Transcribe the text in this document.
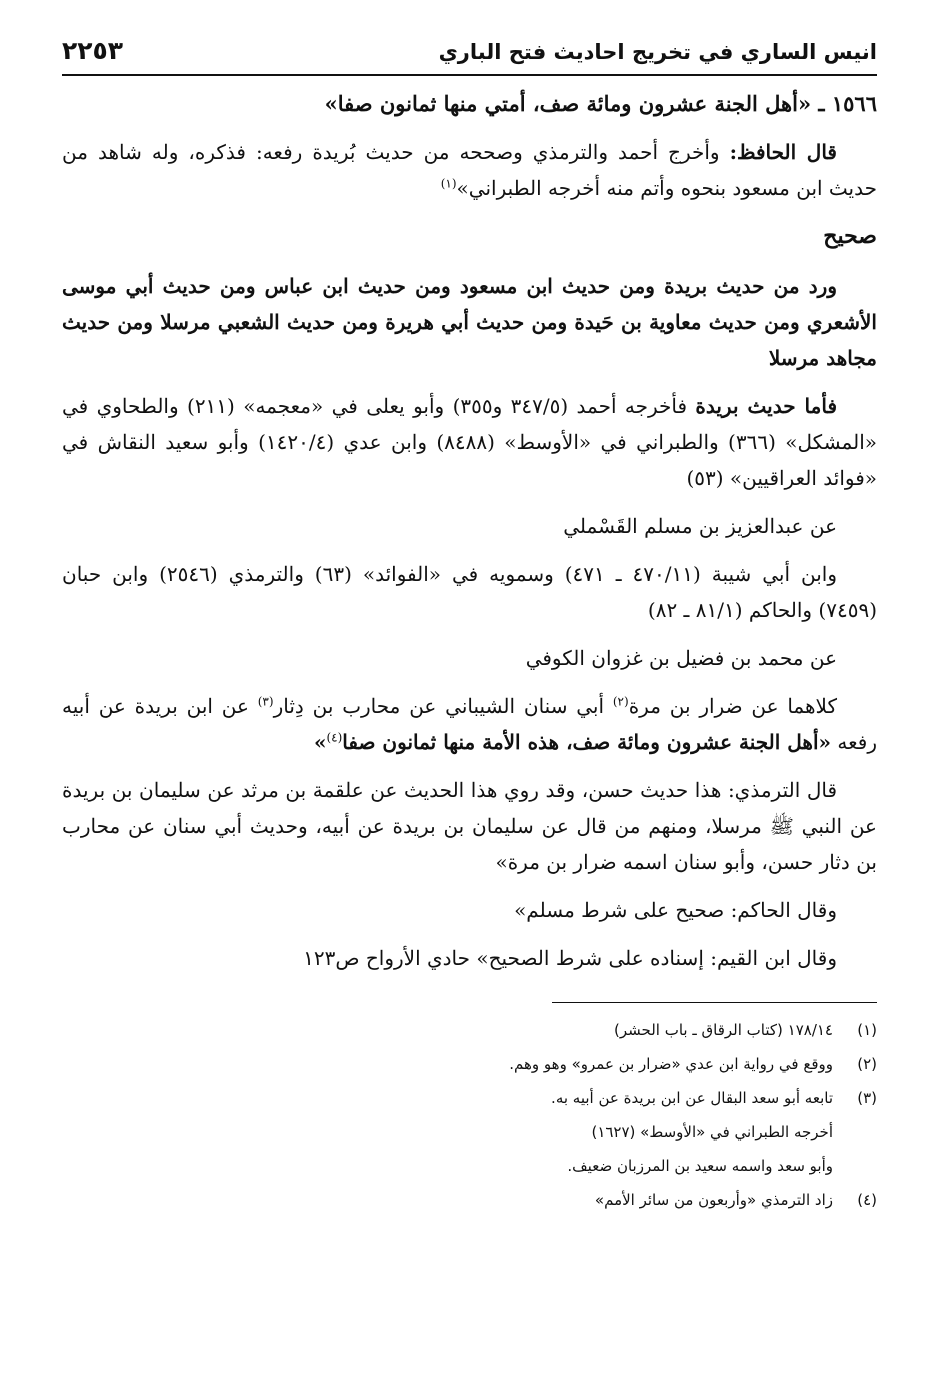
انيس الساري في تخريج احاديث فتح الباري
٢٢٥٣

١٥٦٦ ـ «أهل الجنة عشرون ومائة صف، أمتي منها ثمانون صفا»

قال الحافظ: وأخرج أحمد والترمذي وصححه من حديث بُريدة رفعه: فذكره، وله شاهد من حديث ابن مسعود بنحوه وأتم منه أخرجه الطبراني»$^{(١)}$

صحيح

ورد من حديث بريدة ومن حديث ابن مسعود ومن حديث ابن عباس ومن حديث أبي موسى الأشعري ومن حديث معاوية بن حَيدة ومن حديث أبي هريرة ومن حديث الشعبي مرسلا ومن حديث مجاهد مرسلا

فأما حديث بريدة فأخرجه أحمد (٣٤٧/٥ و٣٥٥) وأبو يعلى في «معجمه» (٢١١) والطحاوي في «المشكل» (٣٦٦) والطبراني في «الأوسط» (٨٤٨٨) وابن عدي (١٤٢٠/٤) وأبو سعيد النقاش في «فوائد العراقيين» (٥٣)

عن عبدالعزيز بن مسلم القَسْملي

وابن أبي شيبة (٤٧٠/١١ ـ ٤٧١) وسمويه في «الفوائد» (٦٣) والترمذي (٢٥٤٦) وابن حبان (٧٤٥٩) والحاكم (٨١/١ ـ ٨٢)

عن محمد بن فضيل بن غزوان الكوفي

كلاهما عن ضرار بن مرة$^{(٢)}$ أبي سنان الشيباني عن محارب بن دِثار$^{(٣)}$ عن ابن بريدة عن أبيه رفعه «أهل الجنة عشرون ومائة صف، هذه الأمة منها ثمانون صفا$^{(٤)}$»

قال الترمذي: هذا حديث حسن، وقد روي هذا الحديث عن علقمة بن مرثد عن سليمان بن بريدة عن النبي ﷺ مرسلا، ومنهم من قال عن سليمان بن بريدة عن أبيه، وحديث أبي سنان عن محارب بن دثار حسن، وأبو سنان اسمه ضرار بن مرة»

وقال الحاكم: صحيح على شرط مسلم»

وقال ابن القيم: إسناده على شرط الصحيح» حادي الأرواح ص١٢٣

(١)
١٧٨/١٤ (كتاب الرقاق ـ باب الحشر)
(٢)
ووقع في رواية ابن عدي «ضرار بن عمرو» وهو وهم.
(٣)
تابعه أبو سعد البقال عن ابن بريدة عن أبيه به.
أخرجه الطبراني في «الأوسط» (١٦٢٧)
وأبو سعد واسمه سعيد بن المرزبان ضعيف.
(٤)
زاد الترمذي «وأربعون من سائر الأمم»
